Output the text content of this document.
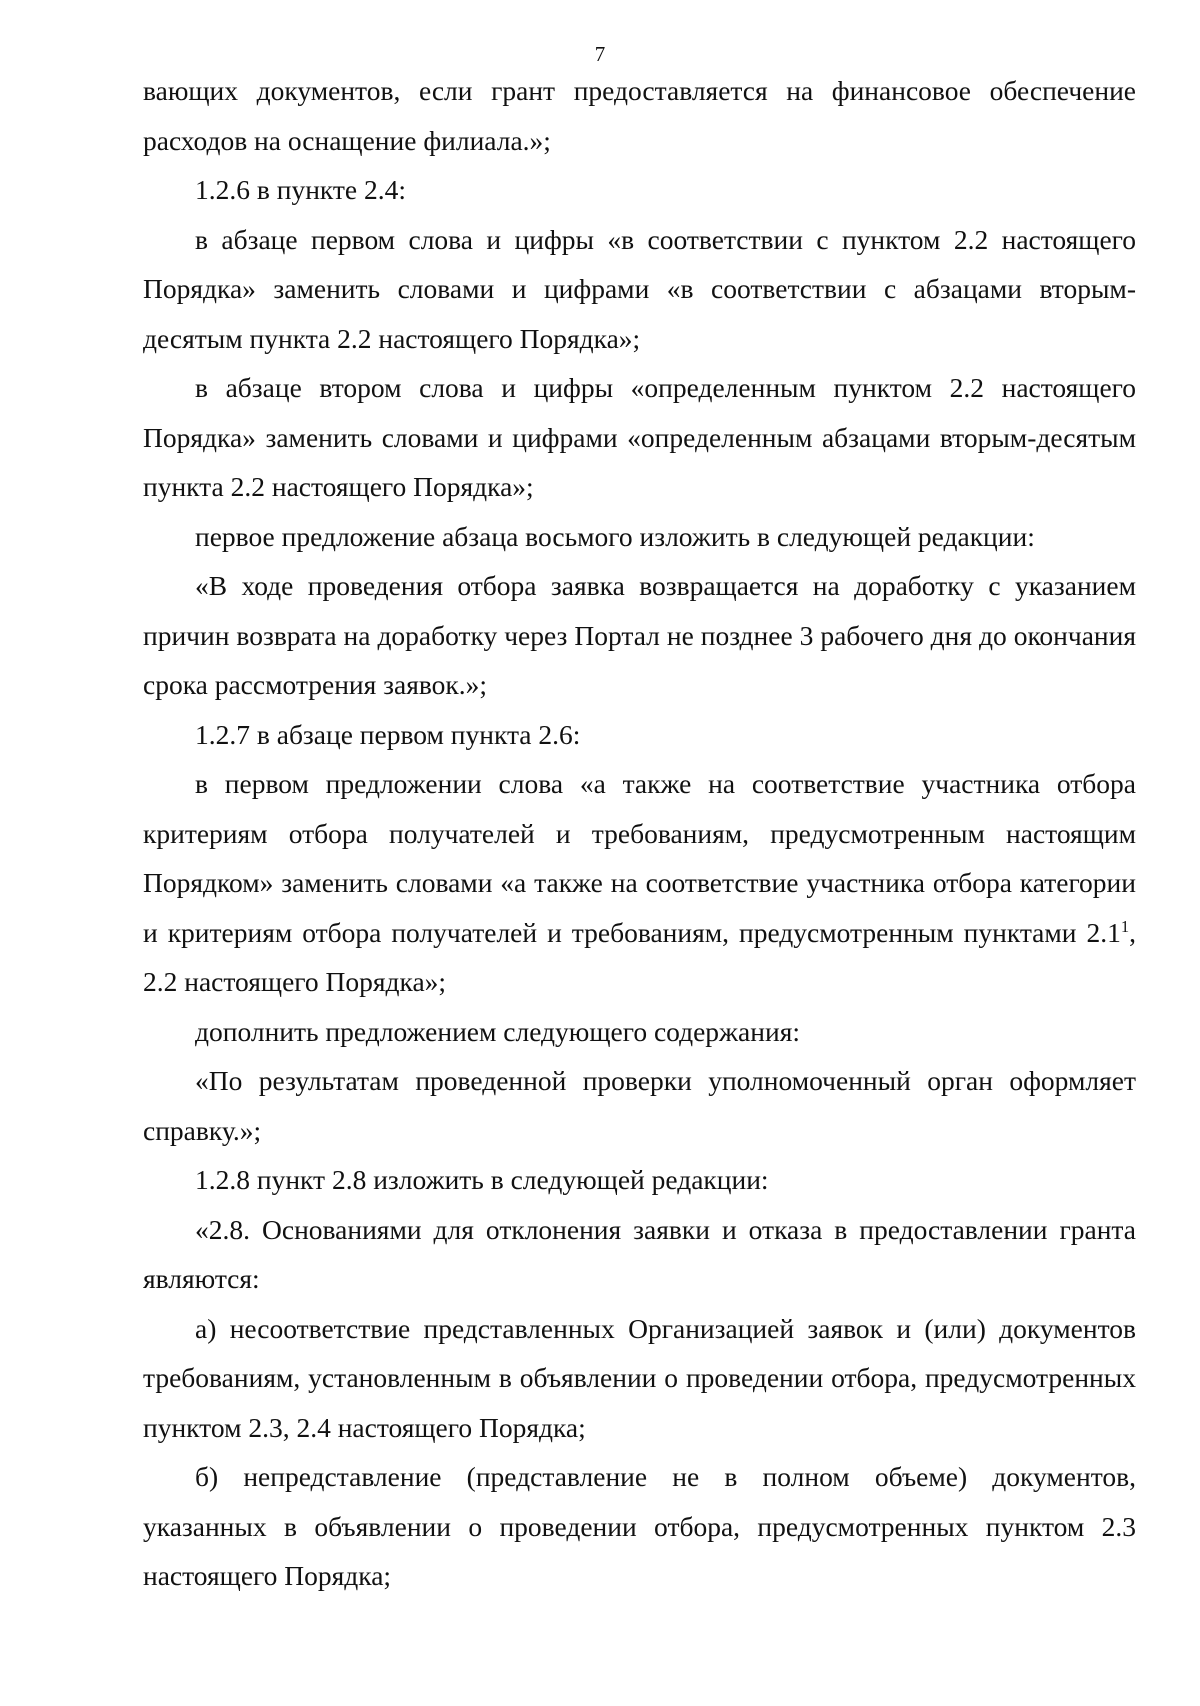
7

вающих документов, если грант предоставляется на финансовое обеспечение расходов на оснащение филиала.»;

1.2.6 в пункте 2.4:

в абзаце первом слова и цифры «в соответствии с пунктом 2.2 настоящего Порядка» заменить словами и цифрами «в соответствии с абзацами вторым-десятым пункта 2.2 настоящего Порядка»;

в абзаце втором слова и цифры «определенным пунктом 2.2 настоящего Порядка» заменить словами и цифрами «определенным абзацами вторым-десятым пункта 2.2 настоящего Порядка»;

первое предложение абзаца восьмого изложить в следующей редакции:

«В ходе проведения отбора заявка возвращается на доработку с указанием причин возврата на доработку через Портал не позднее 3 рабочего дня до окончания срока рассмотрения заявок.»;

1.2.7 в абзаце первом пункта 2.6:

в первом предложении слова «а также на соответствие участника отбора критериям отбора получателей и требованиям, предусмотренным настоящим Порядком» заменить словами «а также на соответствие участника отбора категории и критериям отбора получателей и требованиям, предусмотренным пунктами $2.1^1$, 2.2 настоящего Порядка»;

дополнить предложением следующего содержания:

«По результатам проведенной проверки уполномоченный орган оформляет справку.»;

1.2.8 пункт 2.8 изложить в следующей редакции:

«2.8. Основаниями для отклонения заявки и отказа в предоставлении гранта являются:

а) несоответствие представленных Организацией заявок и (или) документов требованиям, установленным в объявлении о проведении отбора, предусмотренных пунктом 2.3, 2.4 настоящего Порядка;

б) непредставление (представление не в полном объеме) документов, указанных в объявлении о проведении отбора, предусмотренных пунктом 2.3 настоящего Порядка;
